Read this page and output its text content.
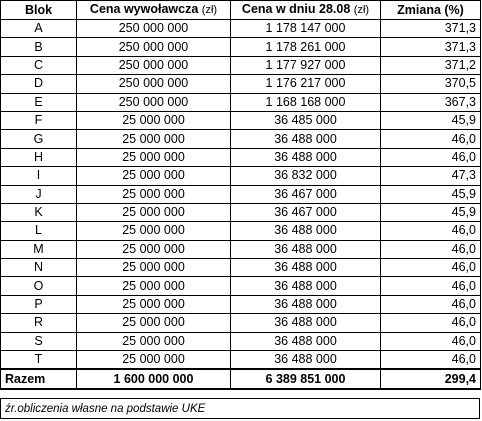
Blok	Cena wywoławcza (zł)	Cena w dniu 28.08 (zł)	Zmiana (%)
A	250 000 000	1 178 147 000	371,3
B	250 000 000	1 178 261 000	371,3
C	250 000 000	1 177 927 000	371,2
D	250 000 000	1 176 217 000	370,5
E	250 000 000	1 168 168 000	367,3
F	25 000 000	36 485 000	45,9
G	25 000 000	36 488 000	46,0
H	25 000 000	36 488 000	46,0
I	25 000 000	36 832 000	47,3
J	25 000 000	36 467 000	45,9
K	25 000 000	36 467 000	45,9
L	25 000 000	36 488 000	46,0
M	25 000 000	36 488 000	46,0
N	25 000 000	36 488 000	46,0
O	25 000 000	36 488 000	46,0
P	25 000 000	36 488 000	46,0
R	25 000 000	36 488 000	46,0
S	25 000 000	36 488 000	46,0
T	25 000 000	36 488 000	46,0
Razem	1 600 000 000	6 389 851 000	299,4
źr.obliczenia własne na podstawie UKE
